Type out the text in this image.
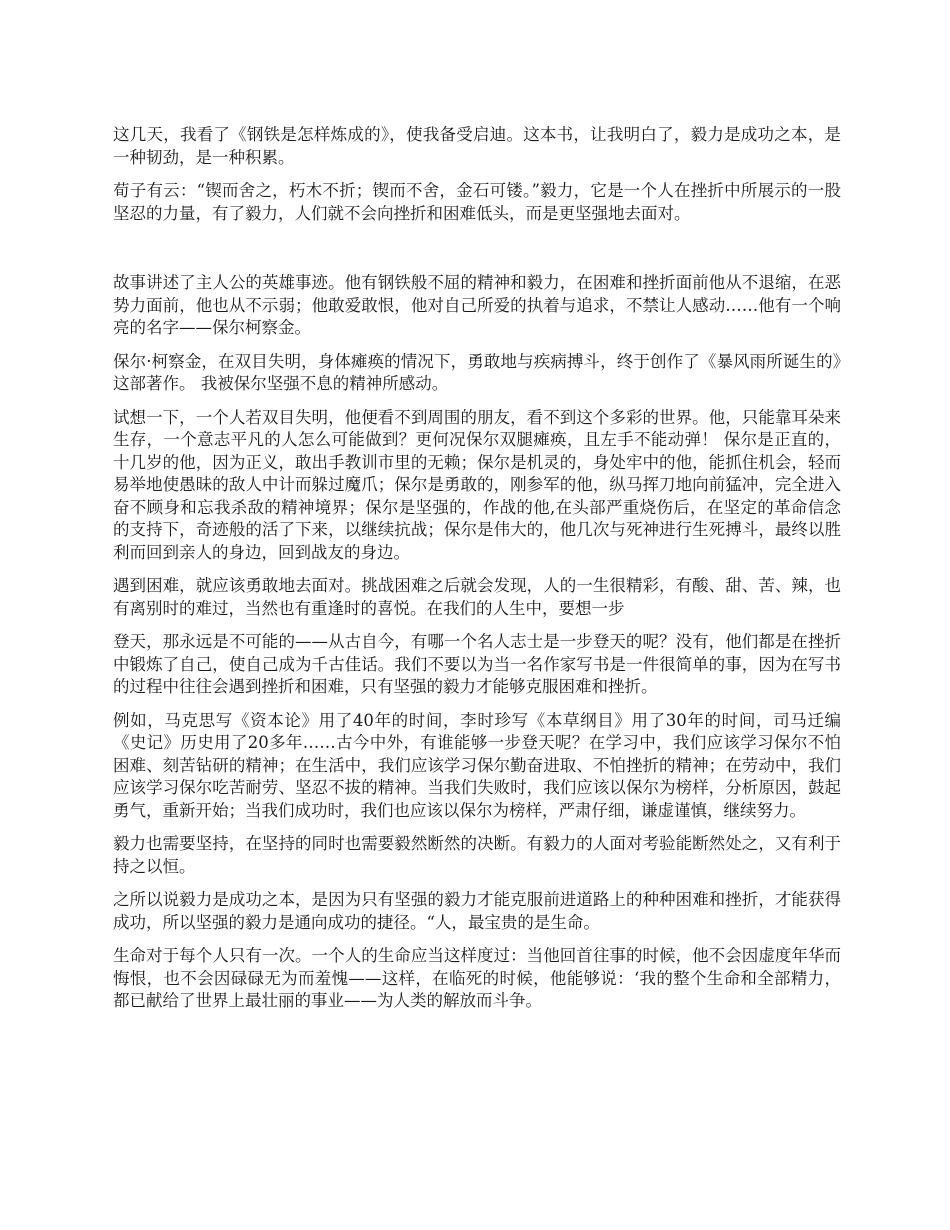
这几天，我看了《钢铁是怎样炼成的》，使我备受启迪。这本书，让我明白了，毅力是成功之本，是一种韧劲，是一种积累。

荀子有云：“锲而舍之，朽木不折；锲而不舍，金石可镂。”毅力，它是一个人在挫折中所展示的一股坚忍的力量，有了毅力，人们就不会向挫折和困难低头，而是更坚强地去面对。

故事讲述了主人公的英雄事迹。他有钢铁般不屈的精神和毅力，在困难和挫折面前他从不退缩，在恶势力面前，他也从不示弱；他敢爱敢恨，他对自己所爱的执着与追求，不禁让人感动……他有一个响亮的名字——保尔柯察金。

保尔·柯察金，在双目失明，身体瘫痪的情况下，勇敢地与疾病搏斗，终于创作了《暴风雨所诞生的》这部著作。 我被保尔坚强不息的精神所感动。

试想一下，一个人若双目失明，他便看不到周围的朋友，看不到这个多彩的世界。他，只能靠耳朵来生存，一个意志平凡的人怎么可能做到？更何况保尔双腿瘫痪，且左手不能动弹！ 保尔是正直的，十几岁的他，因为正义，敢出手教训市里的无赖；保尔是机灵的，身处牢中的他，能抓住机会，轻而易举地使愚昧的敌人中计而躲过魔爪；保尔是勇敢的，刚参军的他，纵马挥刀地向前猛冲，完全进入奋不顾身和忘我杀敌的精神境界；保尔是坚强的，作战的他,在头部严重烧伤后，在坚定的革命信念的支持下，奇迹般的活了下来，以继续抗战；保尔是伟大的，他几次与死神进行生死搏斗，最终以胜利而回到亲人的身边，回到战友的身边。

遇到困难，就应该勇敢地去面对。挑战困难之后就会发现，人的一生很精彩，有酸、甜、苦、辣，也有离别时的难过，当然也有重逢时的喜悦。在我们的人生中，要想一步

登天，那永远是不可能的——从古自今，有哪一个名人志士是一步登天的呢？没有，他们都是在挫折中锻炼了自己，使自己成为千古佳话。我们不要以为当一名作家写书是一件很简单的事，因为在写书的过程中往往会遇到挫折和困难，只有坚强的毅力才能够克服困难和挫折。

例如，马克思写《资本论》用了40年的时间，李时珍写《本草纲目》用了30年的时间，司马迁编《史记》历史用了20多年……古今中外，有谁能够一步登天呢？在学习中，我们应该学习保尔不怕困难、刻苦钻研的精神；在生活中，我们应该学习保尔勤奋进取、不怕挫折的精神；在劳动中，我们应该学习保尔吃苦耐劳、坚忍不拔的精神。当我们失败时，我们应该以保尔为榜样，分析原因，鼓起勇气，重新开始；当我们成功时，我们也应该以保尔为榜样，严肃仔细，谦虚谨慎，继续努力。

毅力也需要坚持，在坚持的同时也需要毅然断然的决断。有毅力的人面对考验能断然处之，又有利于持之以恒。

之所以说毅力是成功之本，是因为只有坚强的毅力才能克服前进道路上的种种困难和挫折，才能获得成功，所以坚强的毅力是通向成功的捷径。“人，最宝贵的是生命。

生命对于每个人只有一次。一个人的生命应当这样度过：当他回首往事的时候，他不会因虚度年华而悔恨，也不会因碌碌无为而羞愧——这样，在临死的时候，他能够说：‘我的整个生命和全部精力，都已献给了世界上最壮丽的事业——为人类的解放而斗争。
